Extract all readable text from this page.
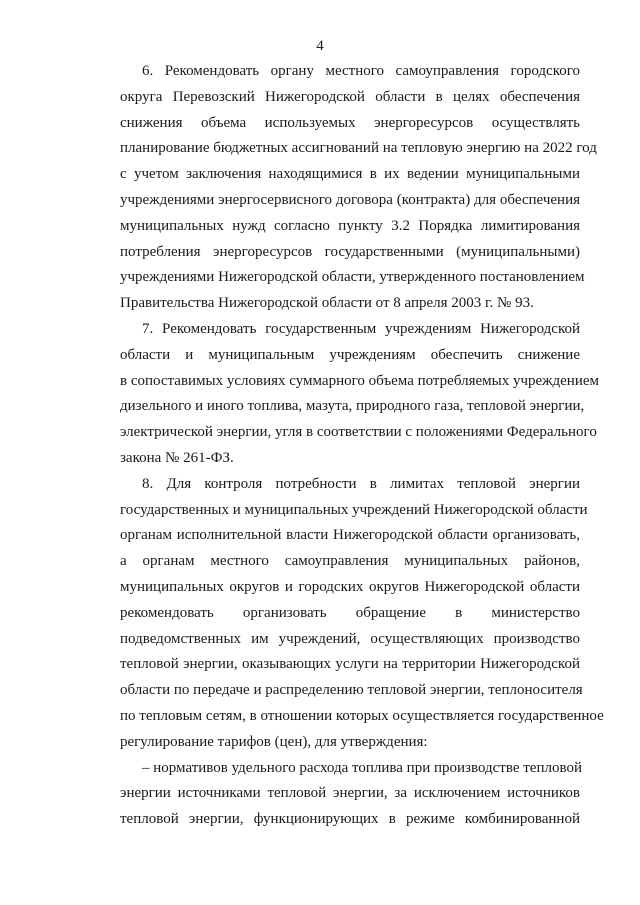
4

6. Рекомендовать органу местного самоуправления городского
округа Перевозский Нижегородской области в целях обеспечения
снижения объема используемых энергоресурсов осуществлять
планирование бюджетных ассигнований на тепловую энергию на 2022 год
с учетом заключения находящимися в их ведении муниципальными
учреждениями энергосервисного договора (контракта) для обеспечения
муниципальных нужд согласно пункту 3.2 Порядка лимитирования
потребления энергоресурсов государственными (муниципальными)
учреждениями Нижегородской области, утвержденного постановлением
Правительства Нижегородской области от 8 апреля 2003 г. № 93.

7. Рекомендовать государственным учреждениям Нижегородской
области и муниципальным учреждениям обеспечить снижение
в сопоставимых условиях суммарного объема потребляемых учреждением
дизельного и иного топлива, мазута, природного газа, тепловой энергии,
электрической энергии, угля в соответствии с положениями Федерального
закона № 261-ФЗ.

8. Для контроля потребности в лимитах тепловой энергии
государственных и муниципальных учреждений Нижегородской области
органам исполнительной власти Нижегородской области организовать,
а органам местного самоуправления муниципальных районов,
муниципальных округов и городских округов Нижегородской области
рекомендовать организовать обращение в министерство
подведомственных им учреждений, осуществляющих производство
тепловой энергии, оказывающих услуги на территории Нижегородской
области по передаче и распределению тепловой энергии, теплоносителя
по тепловым сетям, в отношении которых осуществляется государственное
регулирование тарифов (цен), для утверждения:

– нормативов удельного расхода топлива при производстве тепловой
энергии источниками тепловой энергии, за исключением источников
тепловой энергии, функционирующих в режиме комбинированной
